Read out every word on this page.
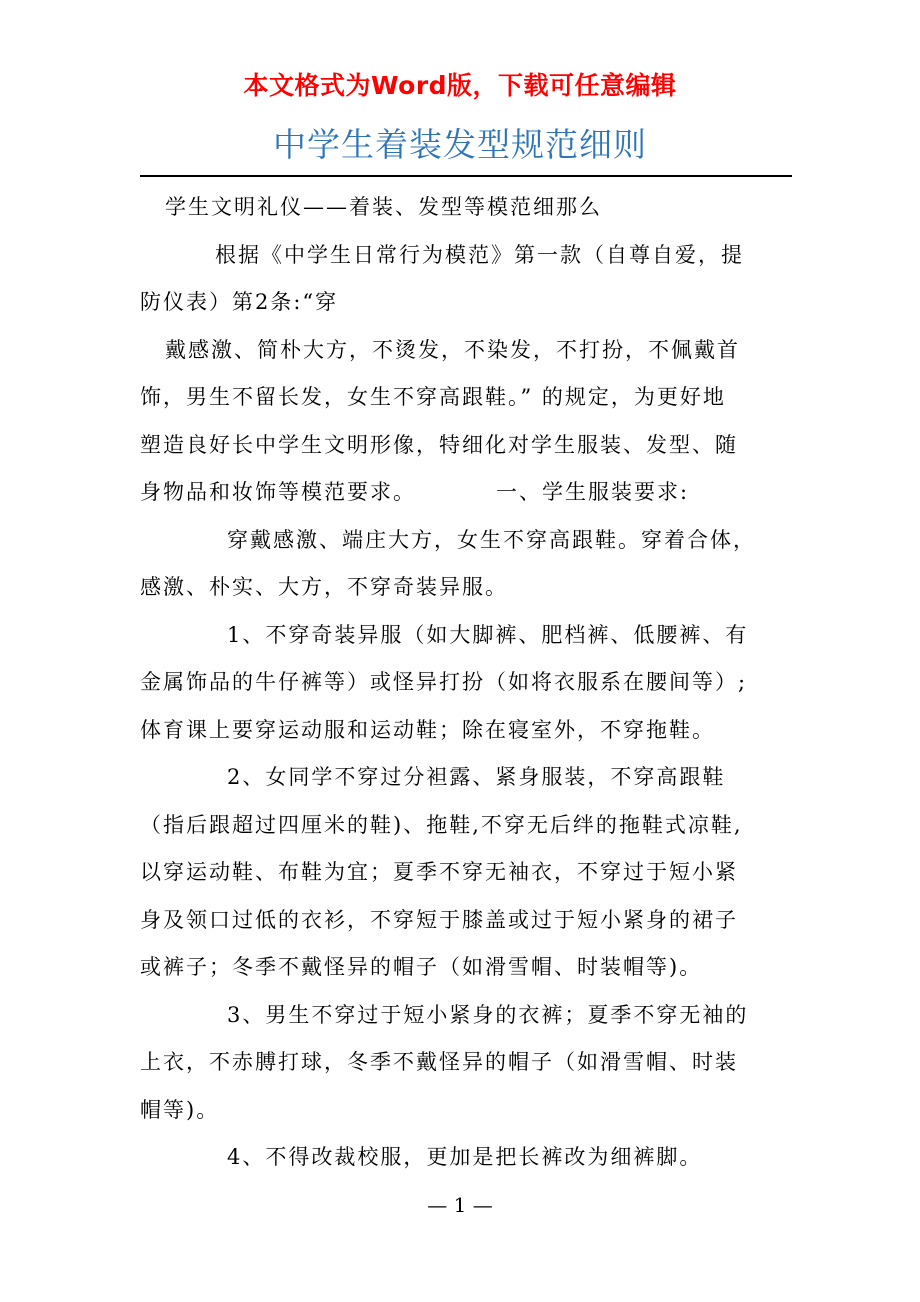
本文格式为Word版，下载可任意编辑
中学生着装发型规范细则
学生文明礼仪——着装、发型等模范细那么
根据《中学生日常行为模范》第一款（自尊自爱，提
防仪表）第2条:“穿
戴感激、简朴大方，不烫发，不染发，不打扮，不佩戴首
饰，男生不留长发，女生不穿高跟鞋。” 的规定，为更好地
塑造良好长中学生文明形像，特细化对学生服装、发型、随
身物品和妆饰等模范要求。	一、学生服装要求:
穿戴感激、端庄大方，女生不穿高跟鞋。穿着合体，
感激、朴实、大方，不穿奇装异服。
1、不穿奇装异服（如大脚裤、肥档裤、低腰裤、有
金属饰品的牛仔裤等）或怪异打扮（如将衣服系在腰间等）;
体育课上要穿运动服和运动鞋；除在寝室外，不穿拖鞋。
2、女同学不穿过分袒露、紧身服装，不穿高跟鞋
（指后跟超过四厘米的鞋)、拖鞋,不穿无后绊的拖鞋式凉鞋,
以穿运动鞋、布鞋为宜；夏季不穿无袖衣，不穿过于短小紧
身及领口过低的衣衫，不穿短于膝盖或过于短小紧身的裙子
或裤子；冬季不戴怪异的帽子（如滑雪帽、时装帽等)。
3、男生不穿过于短小紧身的衣裤；夏季不穿无袖的
上衣，不赤膊打球，冬季不戴怪异的帽子（如滑雪帽、时装
帽等)。
4、不得改裁校服，更加是把长裤改为细裤脚。
— 1 —
